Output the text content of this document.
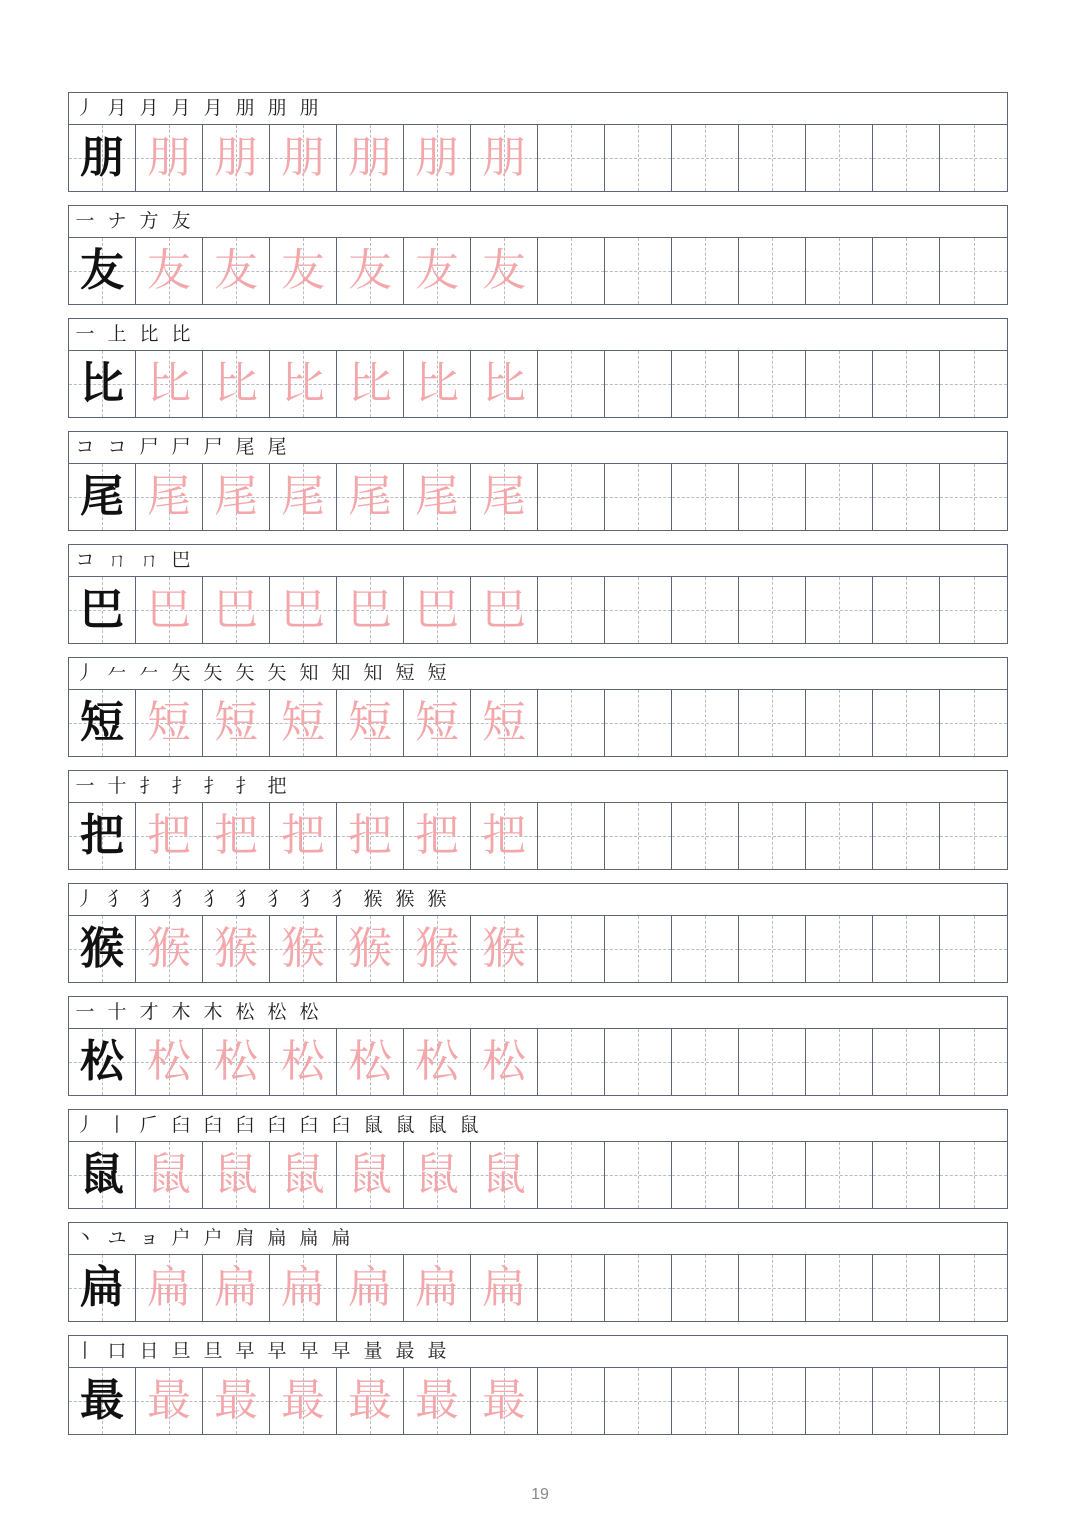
丿 月 月 月 月 朋 朋 朋
朋 朋 朋 朋 朋 朋 朋
一 ナ 方 友
友 友 友 友 友 友 友
一 上 比 比
比 比 比 比 比 比 比
コ コ 尸 尸 尸 尾 尾
尾 尾 尾 尾 尾 尾 尾
コ ㄇ ㄇ 巴
巴 巴 巴 巴 巴 巴 巴
丿 𠂉 𠂉 矢 矢 矢 矢 知 知 知 短 短
短 短 短 短 短 短 短
一 十 扌 扌 扌 扌 把
把 把 把 把 把 把 把
丿 犭 犭 犭 犭 犭 犭 犭 犭 猴 猴 猴
猴 猴 猴 猴 猴 猴 猴
一 十 才 木 木 松 松 松
松 松 松 松 松 松 松
丿 丨 𠂆 臼 臼 臼 臼 臼 臼 鼠 鼠 鼠 鼠
鼠 鼠 鼠 鼠 鼠 鼠 鼠
丶 ユ ョ 户 户 肩 扁 扁 扁
扁 扁 扁 扁 扁 扁 扁
丨 口 日 旦 旦 早 早 早 早 量 最 最
最 最 最 最 最 最 最
19
